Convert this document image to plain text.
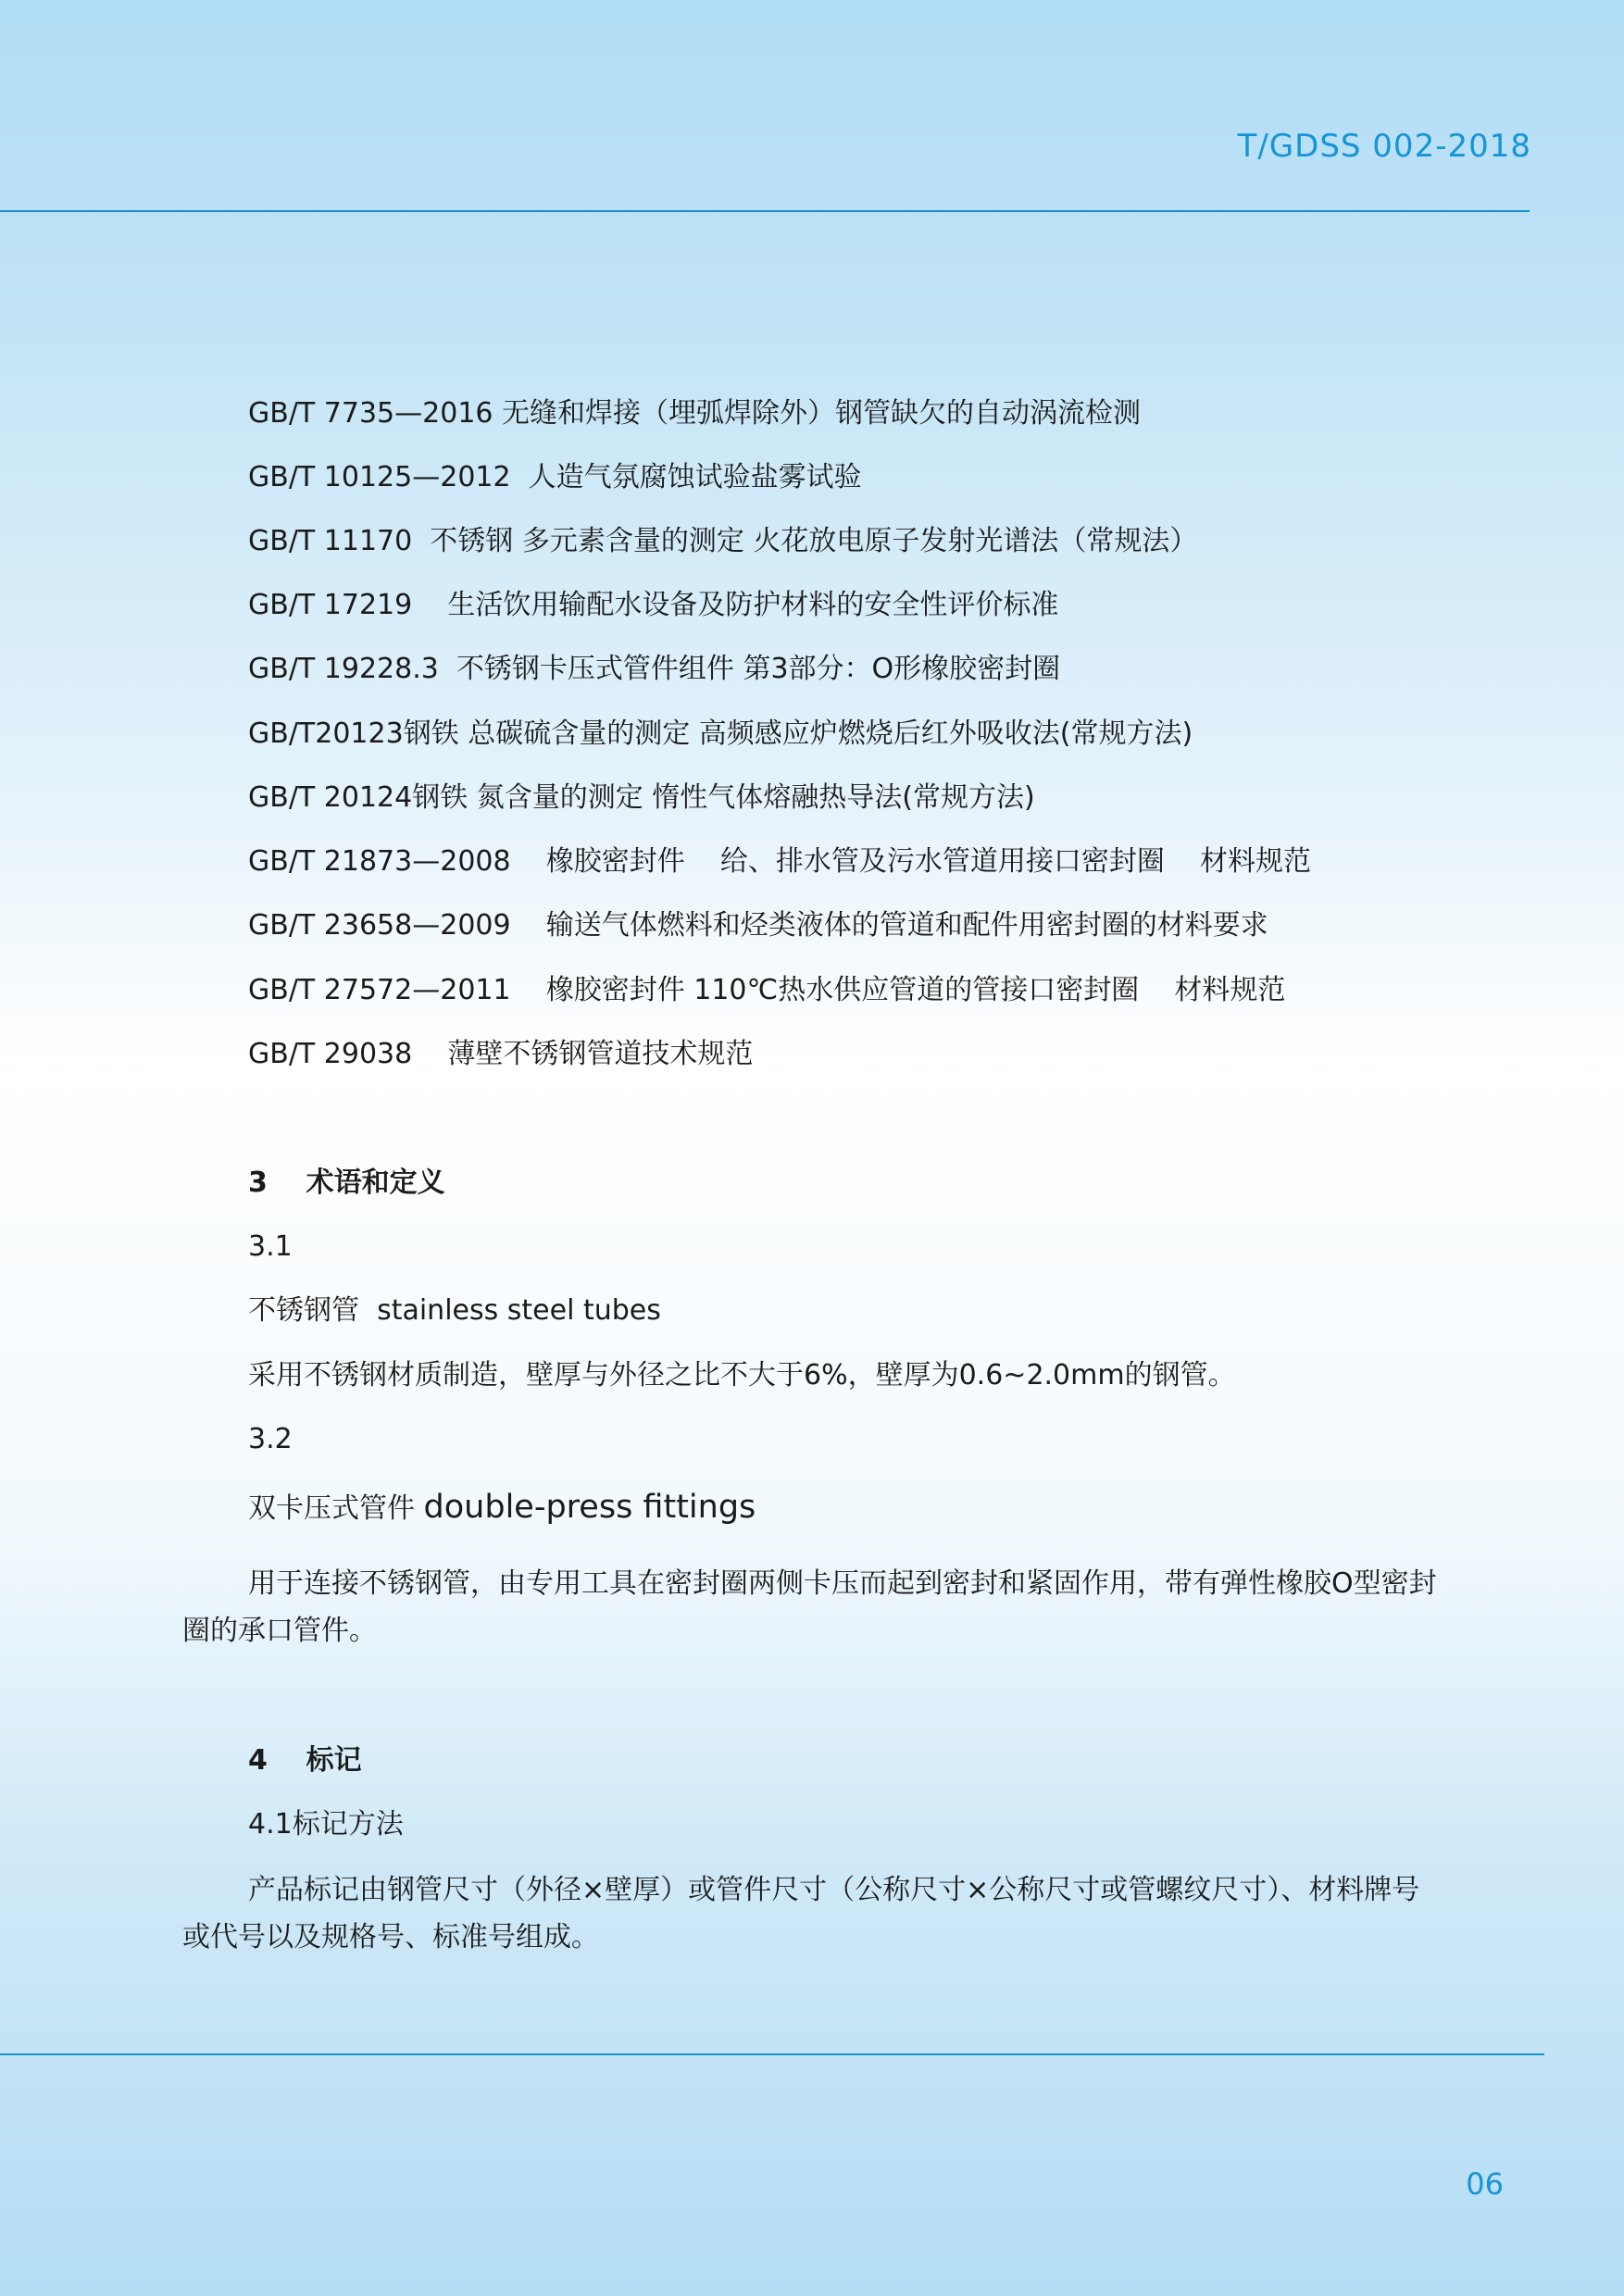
T/GDSS 002-2018
GB/T 7735—2016 无缝和焊接（埋弧焊除外）钢管缺欠的自动涡流检测
GB/T 10125—2012  人造气氛腐蚀试验盐雾试验
GB/T 11170  不锈钢 多元素含量的测定 火花放电原子发射光谱法（常规法）
GB/T 17219    生活饮用输配水设备及防护材料的安全性评价标准
GB/T 19228.3  不锈钢卡压式管件组件 第3部分：O形橡胶密封圈
GB/T20123钢铁 总碳硫含量的测定 高频感应炉燃烧后红外吸收法(常规方法)
GB/T 20124钢铁 氮含量的测定 惰性气体熔融热导法(常规方法)
GB/T 21873—2008    橡胶密封件    给、排水管及污水管道用接口密封圈    材料规范
GB/T 23658—2009    输送气体燃料和烃类液体的管道和配件用密封圈的材料要求
GB/T 27572—2011    橡胶密封件 110℃热水供应管道的管接口密封圈    材料规范
GB/T 29038    薄壁不锈钢管道技术规范
3    术语和定义
3.1
不锈钢管  stainless steel tubes
采用不锈钢材质制造，壁厚与外径之比不大于6%，壁厚为0.6~2.0mm的钢管。
3.2
双卡压式管件 double-press fittings
用于连接不锈钢管，由专用工具在密封圈两侧卡压而起到密封和紧固作用，带有弹性橡胶O型密封圈的承口管件。
4    标记
4.1标记方法
产品标记由钢管尺寸（外径×壁厚）或管件尺寸（公称尺寸×公称尺寸或管螺纹尺寸）、材料牌号或代号以及规格号、标准号组成。
06
